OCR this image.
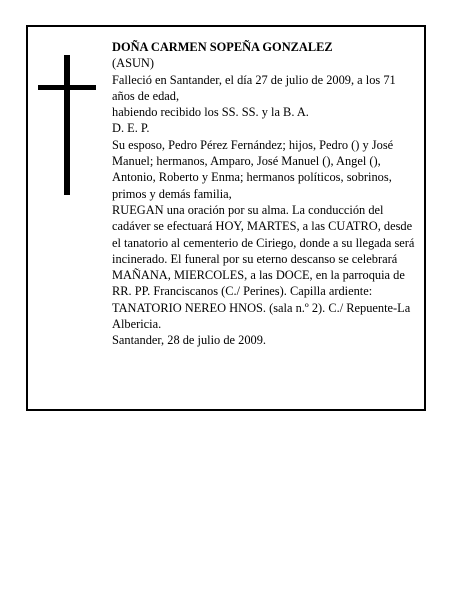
DOÑA CARMEN SOPEÑA GONZALEZ

(ASUN)

Falleció en Santander, el día 27 de julio de 2009, a los 71 años de edad,

habiendo recibido los SS. SS. y la B. A.

D. E. P.

Su esposo, Pedro Pérez Fernández; hijos, Pedro () y José Manuel; hermanos, Amparo, José Manuel (), Angel (), Antonio, Roberto y Enma; hermanos políticos, sobrinos, primos y demás familia,

RUEGAN una oración por su alma. La conducción del cadáver se efectuará HOY, MARTES, a las CUATRO, desde el tanatorio al cementerio de Ciriego, donde a su llegada será incinerado. El funeral por su eterno descanso se celebrará MAÑANA, MIERCOLES, a las DOCE, en la parroquia de RR. PP. Franciscanos (C./ Perines). Capilla ardiente: TANATORIO NEREO HNOS. (sala n.º 2). C./ Repuente-La Albericia.

Santander, 28 de julio de 2009.
